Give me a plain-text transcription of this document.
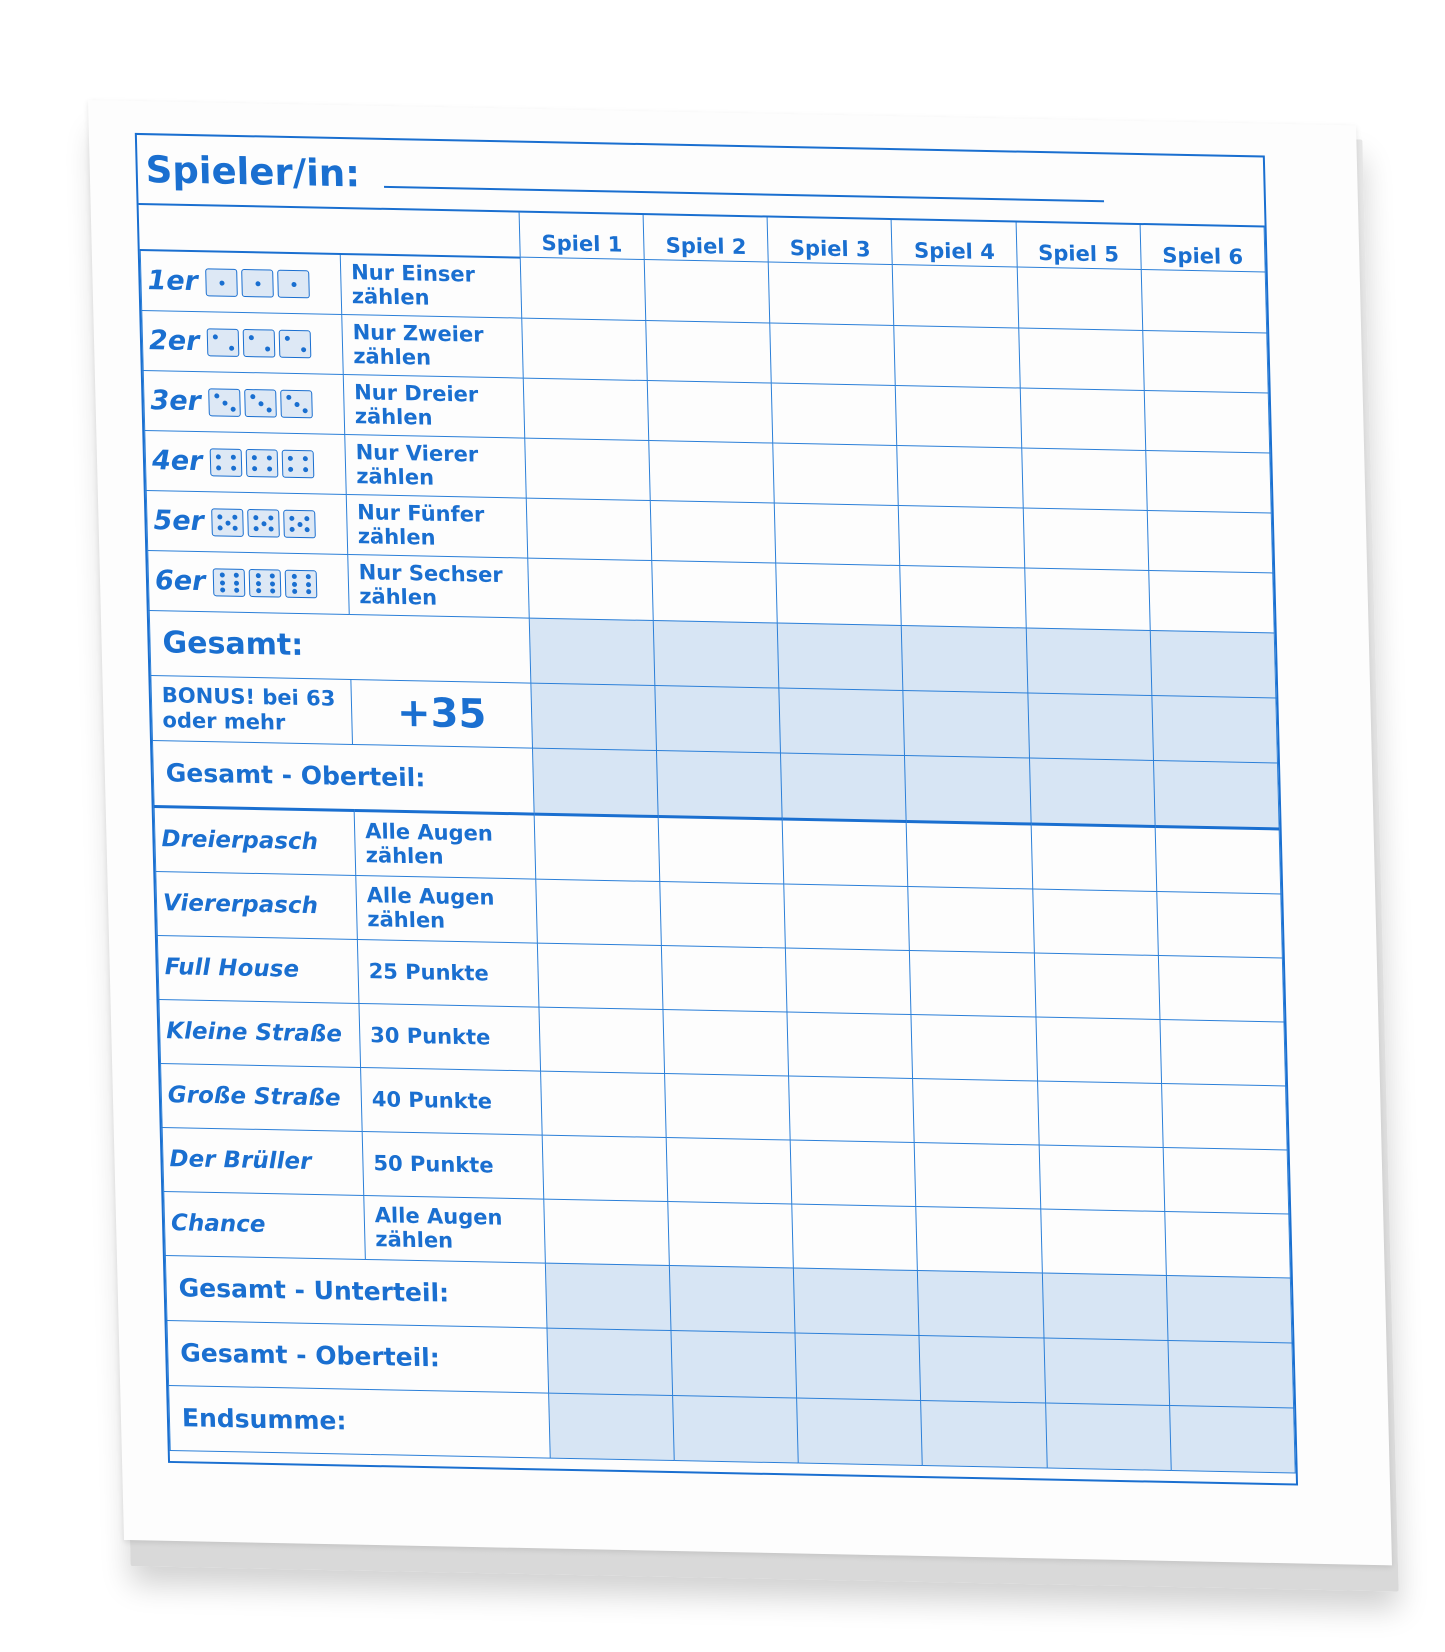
Spieler/in:
		Spiel 1	Spiel 2	Spiel 3	Spiel 4	Spiel 5	Spiel 6
1er	Nur Einser zählen						
2er	Nur Zweier zählen						
3er	Nur Dreier zählen						
4er	Nur Vierer zählen						
5er	Nur Fünfer zählen						
6er	Nur Sechser zählen						
Gesamt:							
BONUS! bei 63 oder mehr	+35						
Gesamt - Oberteil:							
Dreierpasch	Alle Augen zählen						
Viererpasch	Alle Augen zählen						
Full House	25 Punkte						
Kleine Straße	30 Punkte						
Große Straße	40 Punkte						
Der Brüller	50 Punkte						
Chance	Alle Augen zählen						
Gesamt - Unterteil:							
Gesamt - Oberteil:							
Endsumme:							
